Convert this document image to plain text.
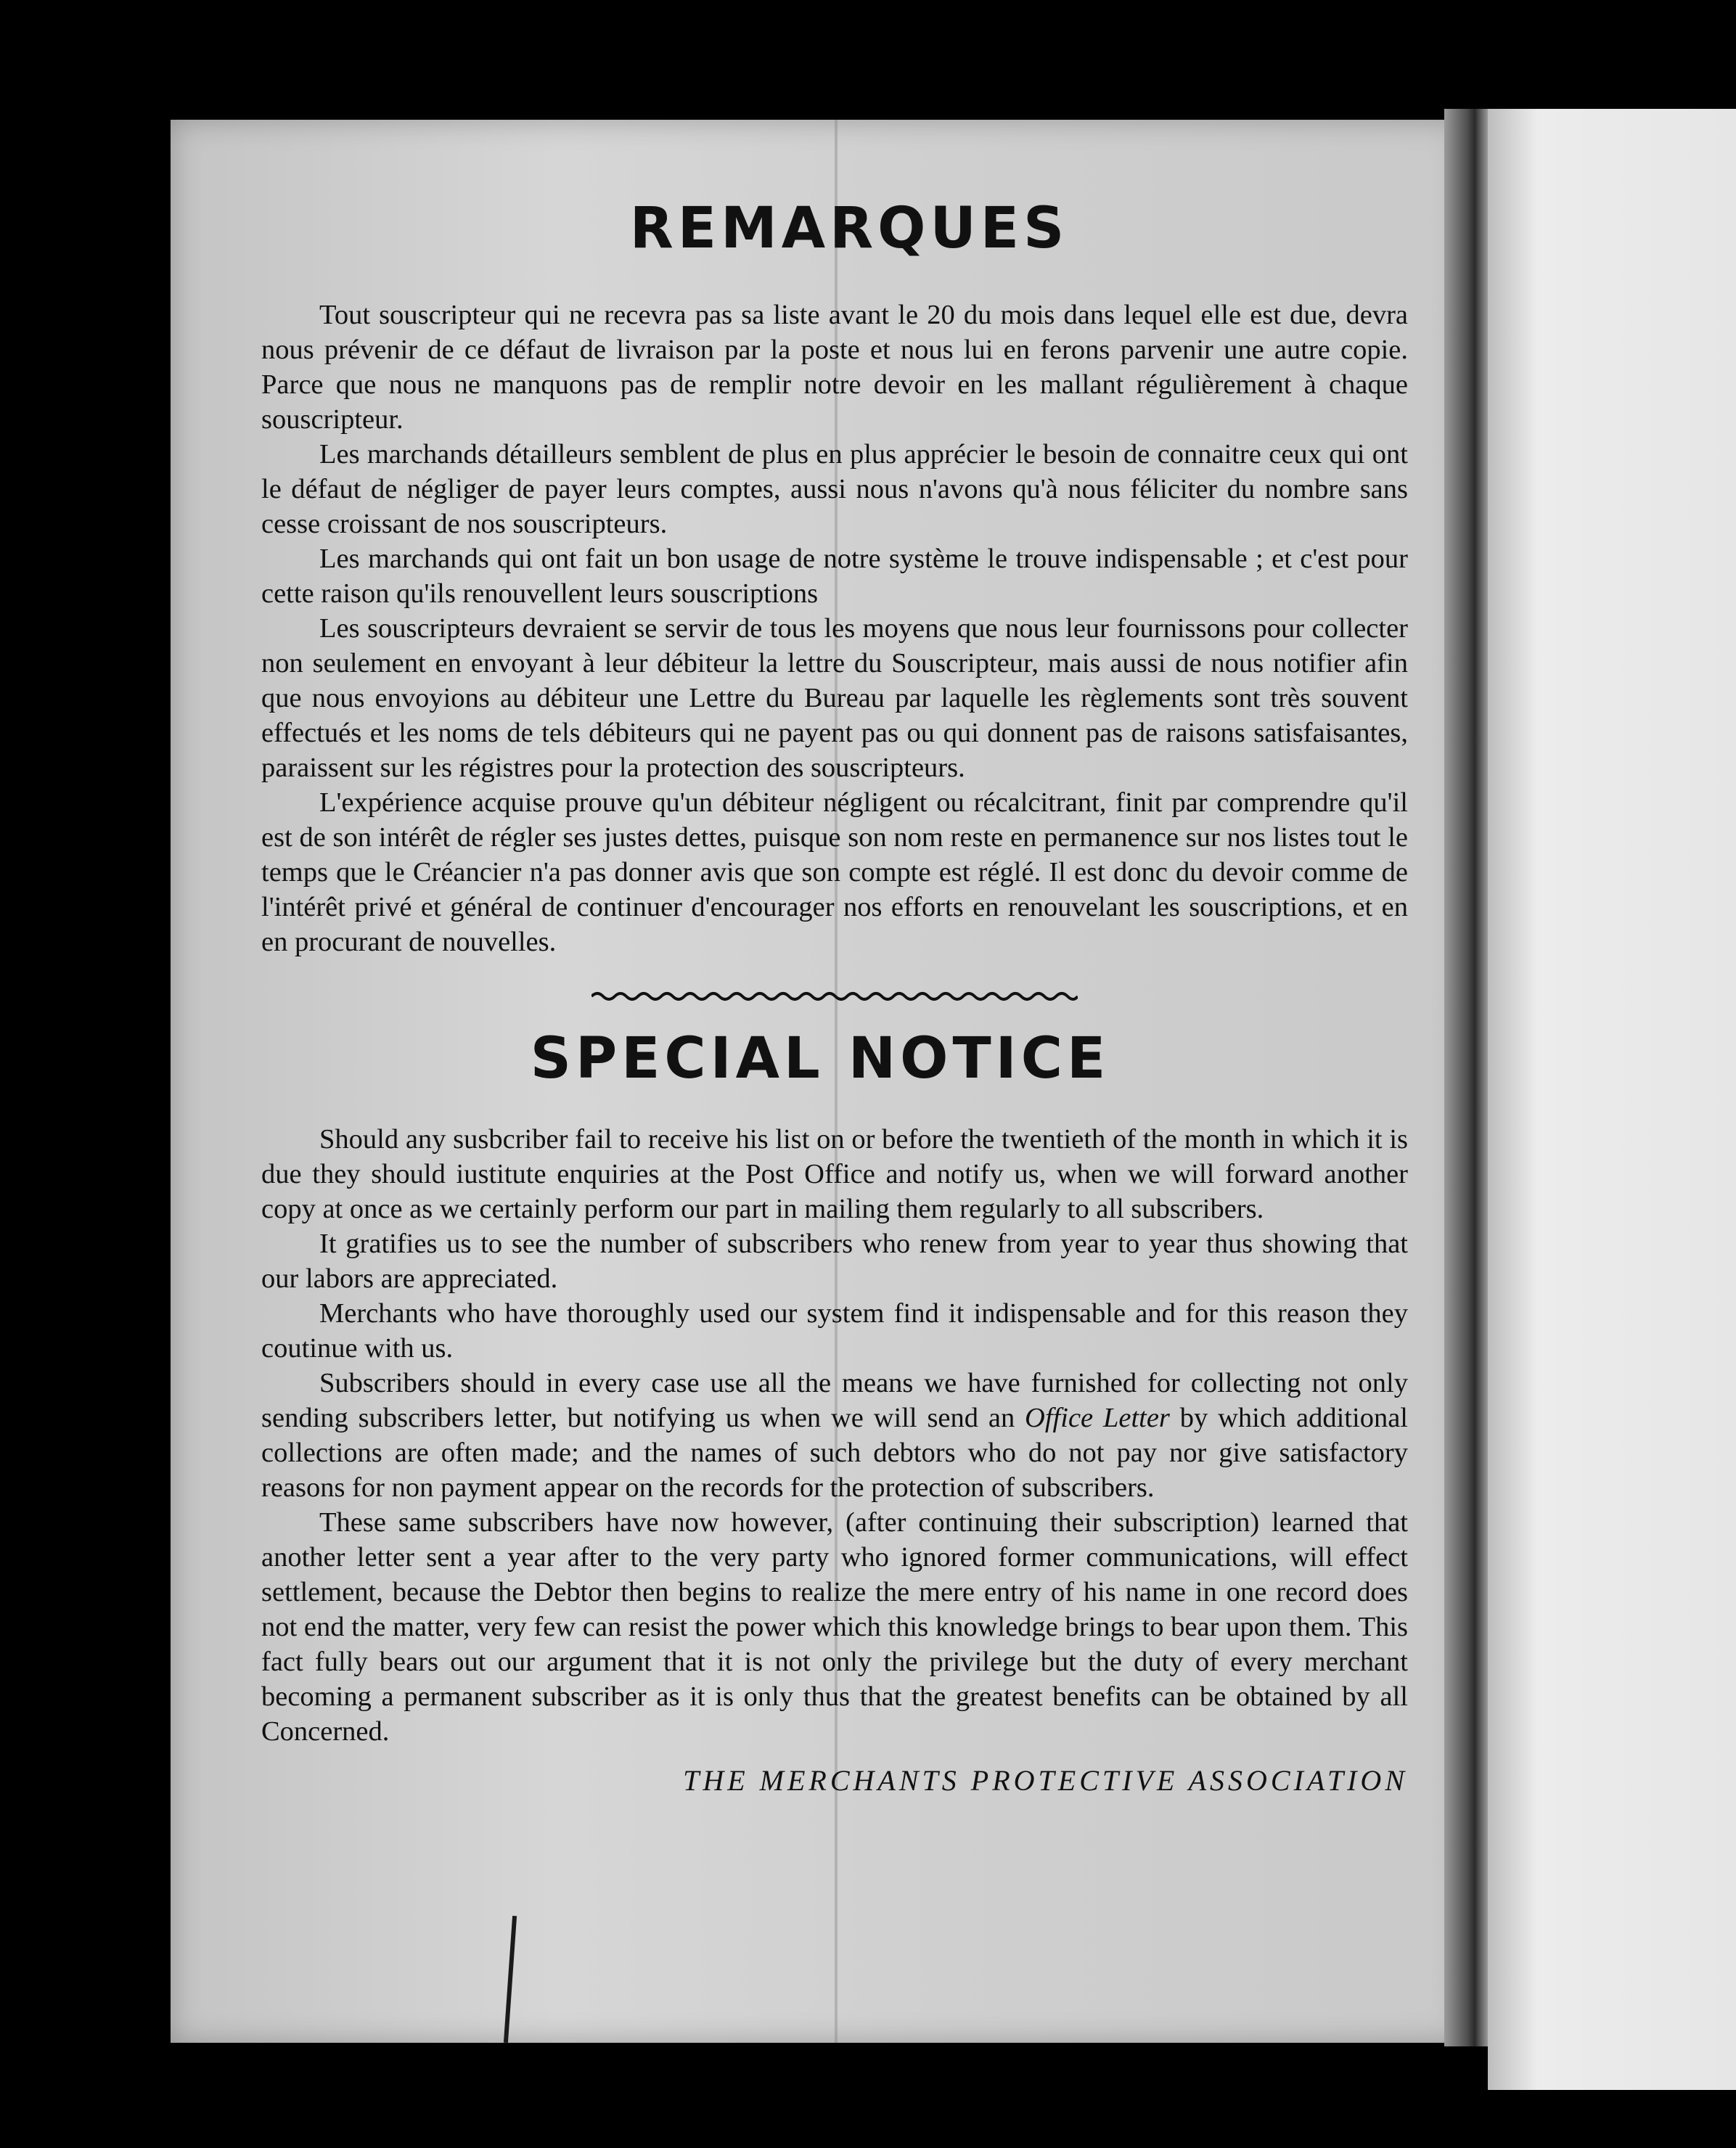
REMARQUES

Tout souscripteur qui ne recevra pas sa liste avant le 20 du mois dans lequel elle est due, devra nous prévenir de ce défaut de livraison par la poste et nous lui en ferons parvenir une autre copie. Parce que nous ne manquons pas de remplir notre devoir en les mallant régulièrement à chaque souscripteur.

Les marchands détailleurs semblent de plus en plus apprécier le besoin de connaitre ceux qui ont le défaut de négliger de payer leurs comptes, aussi nous n'avons qu'à nous féliciter du nombre sans cesse croissant de nos souscripteurs.

Les marchands qui ont fait un bon usage de notre système le trouve indispensable ; et c'est pour cette raison qu'ils renouvellent leurs souscriptions

Les souscripteurs devraient se servir de tous les moyens que nous leur fournissons pour collecter non seulement en envoyant à leur débiteur la lettre du Souscripteur, mais aussi de nous notifier afin que nous envoyions au débiteur une Lettre du Bureau par laquelle les règlements sont très souvent effectués et les noms de tels débiteurs qui ne payent pas ou qui donnent pas de raisons satisfaisantes, paraissent sur les régistres pour la protection des souscripteurs.

L'expérience acquise prouve qu'un débiteur négligent ou récalcitrant, finit par comprendre qu'il est de son intérêt de régler ses justes dettes, puisque son nom reste en permanence sur nos listes tout le temps que le Créancier n'a pas donner avis que son compte est réglé. Il est donc du devoir comme de l'intérêt privé et général de continuer d'encourager nos efforts en renouvelant les souscriptions, et en en procurant de nouvelles.

SPECIAL NOTICE

Should any susbcriber fail to receive his list on or before the twentieth of the month in which it is due they should iustitute enquiries at the Post Office and notify us, when we will forward another copy at once as we certainly perform our part in mailing them regularly to all subscribers.

It gratifies us to see the number of subscribers who renew from year to year thus showing that our labors are appreciated.

Merchants who have thoroughly used our system find it indispensable and for this reason they coutinue with us.

Subscribers should in every case use all the means we have furnished for collecting not only sending subscribers letter, but notifying us when we will send an Office Letter by which additional collections are often made; and the names of such debtors who do not pay nor give satisfactory reasons for non payment appear on the records for the protection of subscribers.

These same subscribers have now however, (after continuing their subscription) learned that another letter sent a year after to the very party who ignored former communications, will effect settlement, because the Debtor then begins to realize the mere entry of his name in one record does not end the matter, very few can resist the power which this knowledge brings to bear upon them. This fact fully bears out our argument that it is not only the privilege but the duty of every merchant becoming a permanent subscriber as it is only thus that the greatest benefits can be obtained by all Concerned.

THE MERCHANTS PROTECTIVE ASSOCIATION
